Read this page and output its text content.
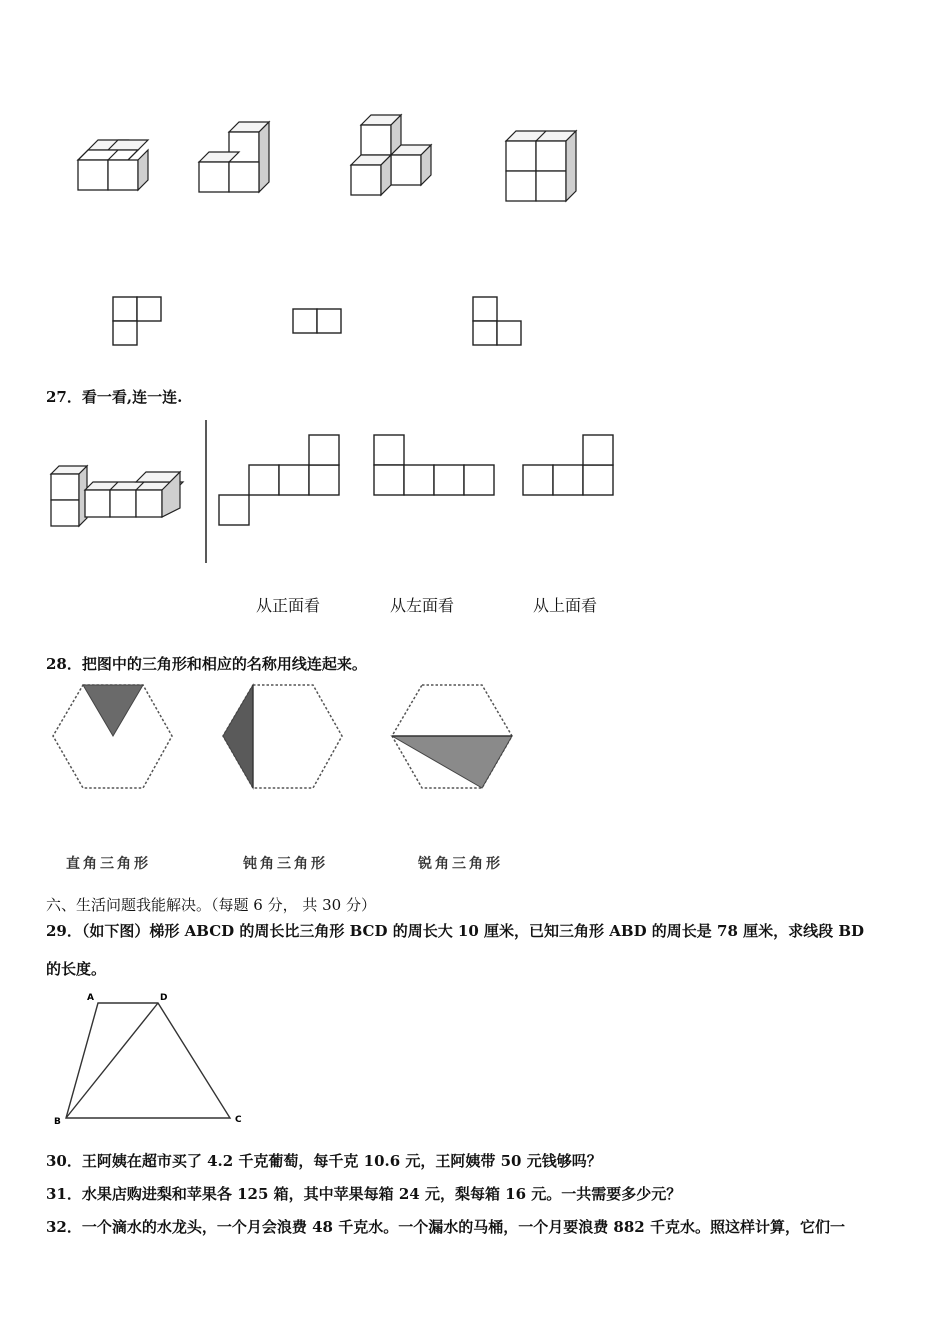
27．看一看,连一连.
从正面看	从左面看	从上面看
28．把图中的三角形和相应的名称用线连起来。
直角三角形	钝角三角形	锐角三角形
六、生活问题我能解决。（每题 6 分， 共 30 分）
29．（如下图）梯形 ABCD 的周长比三角形 BCD 的周长大 10 厘米，已知三角形 ABD 的周长是 78 厘米，求线段 BD
的长度。
A	D
B	C
30．王阿姨在超市买了 4.2 千克葡萄，每千克 10.6 元，王阿姨带 50 元钱够吗？
31．水果店购进梨和苹果各 125 箱，其中苹果每箱 24 元，梨每箱 16 元。一共需要多少元？
32．一个滴水的水龙头，一个月会浪费 48 千克水。一个漏水的马桶，一个月要浪费 882 千克水。照这样计算，它们一
